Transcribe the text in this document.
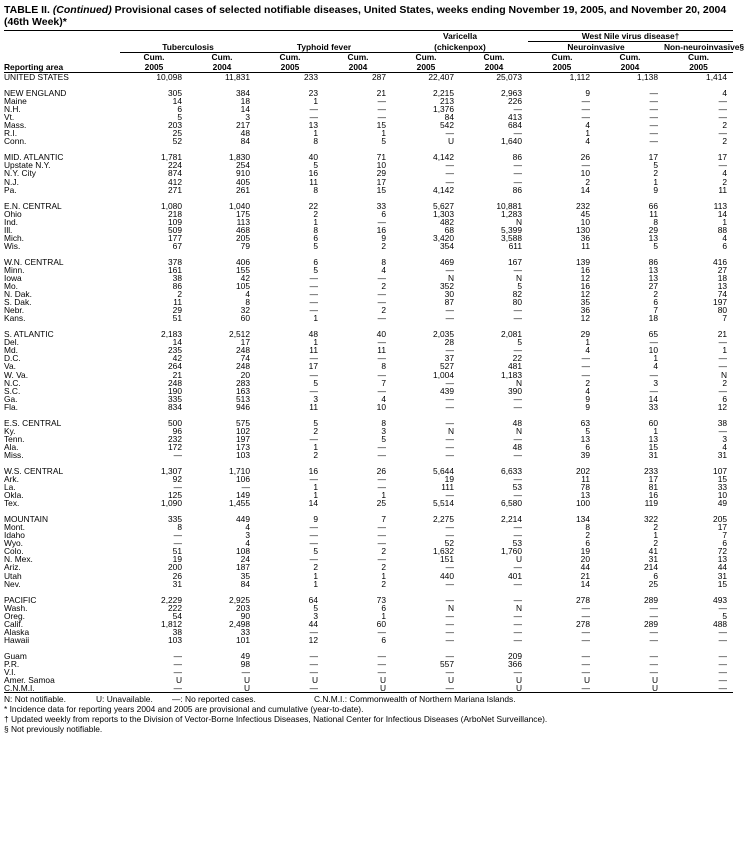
TABLE II. (Continued) Provisional cases of selected notifiable diseases, United States, weeks ending November 19, 2005, and November 20, 2004 (46th Week)*
					Varicella		West Nile virus disease†		
	Tuberculosis		Typhoid fever		(chickenpox)		Neuroinvasive		Non-neuroinvasive§
	Cum.	Cum.	Cum.	Cum.	Cum.	Cum.	Cum.	Cum.	Cum.
Reporting area	2005	2004	2005	2004	2005	2004	2005	2004	2005
UNITED STATES	10,098	11,831	233	287	22,407	25,073	1,112	1,138	1,414

NEW ENGLAND	305	384	23	21	2,215	2,963	9	—	4
Maine	14	18	1	—	213	226	—	—	—
N.H.	6	14	—	—	1,376	—	—	—	—
Vt.	5	3	—	—	84	413	—	—	—
Mass.	203	217	13	15	542	684	4	—	2
R.I.	25	48	1	1	—	—	1	—	—
Conn.	52	84	8	5	U	1,640	4	—	2

MID. ATLANTIC	1,781	1,830	40	71	4,142	86	26	17	17
Upstate N.Y.	224	254	5	10	—	—	—	5	—
N.Y. City	874	910	16	29	—	—	10	2	4
N.J.	412	405	11	17	—	—	2	1	2
Pa.	271	261	8	15	4,142	86	14	9	11

E.N. CENTRAL	1,080	1,040	22	33	5,627	10,881	232	66	113
Ohio	218	175	2	6	1,303	1,283	45	11	14
Ind.	109	113	1	—	482	N	10	8	1
Ill.	509	468	8	16	68	5,399	130	29	88
Mich.	177	205	6	9	3,420	3,588	36	13	4
Wis.	67	79	5	2	354	611	11	5	6

W.N. CENTRAL	378	406	6	8	469	167	139	86	416
Minn.	161	155	5	4	—	—	16	13	27
Iowa	38	42	—	—	N	N	12	13	18
Mo.	86	105	—	2	352	5	16	27	13
N. Dak.	2	4	—	—	30	82	12	2	74
S. Dak.	11	8	—	—	87	80	35	6	197
Nebr.	29	32	—	2	—	—	36	7	80
Kans.	51	60	1	—	—	—	12	18	7

S. ATLANTIC	2,183	2,512	48	40	2,035	2,081	29	65	21
Del.	14	17	1	—	28	5	1	—	—
Md.	235	248	11	11	—	—	4	10	1
D.C.	42	74	—	—	37	22	—	1	—
Va.	264	248	17	8	527	481	—	4	—
W. Va.	21	20	—	—	1,004	1,183	—	—	N
N.C.	248	283	5	7	—	N	2	3	2
S.C.	190	163	—	—	439	390	4	—	—
Ga.	335	513	3	4	—	—	9	14	6
Fla.	834	946	11	10	—	—	9	33	12

E.S. CENTRAL	500	575	5	8	—	48	63	60	38
Ky.	96	102	2	3	N	N	5	1	—
Tenn.	232	197	—	5	—	—	13	13	3
Ala.	172	173	1	—	—	48	6	15	4
Miss.	—	103	2	—	—	—	39	31	31

W.S. CENTRAL	1,307	1,710	16	26	5,644	6,633	202	233	107
Ark.	92	106	—	—	19	—	11	17	15
La.	—	—	1	—	111	53	78	81	33
Okla.	125	149	1	1	—	—	13	16	10
Tex.	1,090	1,455	14	25	5,514	6,580	100	119	49

MOUNTAIN	335	449	9	7	2,275	2,214	134	322	205
Mont.	8	4	—	—	—	—	8	2	17
Idaho	—	3	—	—	—	—	2	1	7
Wyo.	—	4	—	—	52	53	6	2	6
Colo.	51	108	5	2	1,632	1,760	19	41	72
N. Mex.	19	24	—	—	151	U	20	31	13
Ariz.	200	187	2	2	—	—	44	214	44
Utah	26	35	1	1	440	401	21	6	31
Nev.	31	84	1	2	—	—	14	25	15

PACIFIC	2,229	2,925	64	73	—	—	278	289	493
Wash.	222	203	5	6	N	N	—	—	—
Oreg.	54	90	3	1	—	—	—	—	5
Calif.	1,812	2,498	44	60	—	—	278	289	488
Alaska	38	33	—	—	—	—	—	—	—
Hawaii	103	101	12	6	—	—	—	—	—

Guam	—	49	—	—	—	209	—	—	—
P.R.	—	98	—	—	557	366	—	—	—
V.I.	—	—	—	—	—	—	—	—	—
Amer. Samoa	U	U	U	U	U	U	U	U	—
C.N.M.I.	—	U	—	U	—	U	—	U	—
N: Not notifiable.	U: Unavailable. —: No reported cases.	C.N.M.I.: Commonwealth of Northern Mariana Islands.
* Incidence data for reporting years 2004 and 2005 are provisional and cumulative (year-to-date).
† Updated weekly from reports to the Division of Vector-Borne Infectious Diseases, National Center for Infectious Diseases (ArboNet Surveillance).
§ Not previously notifiable.
